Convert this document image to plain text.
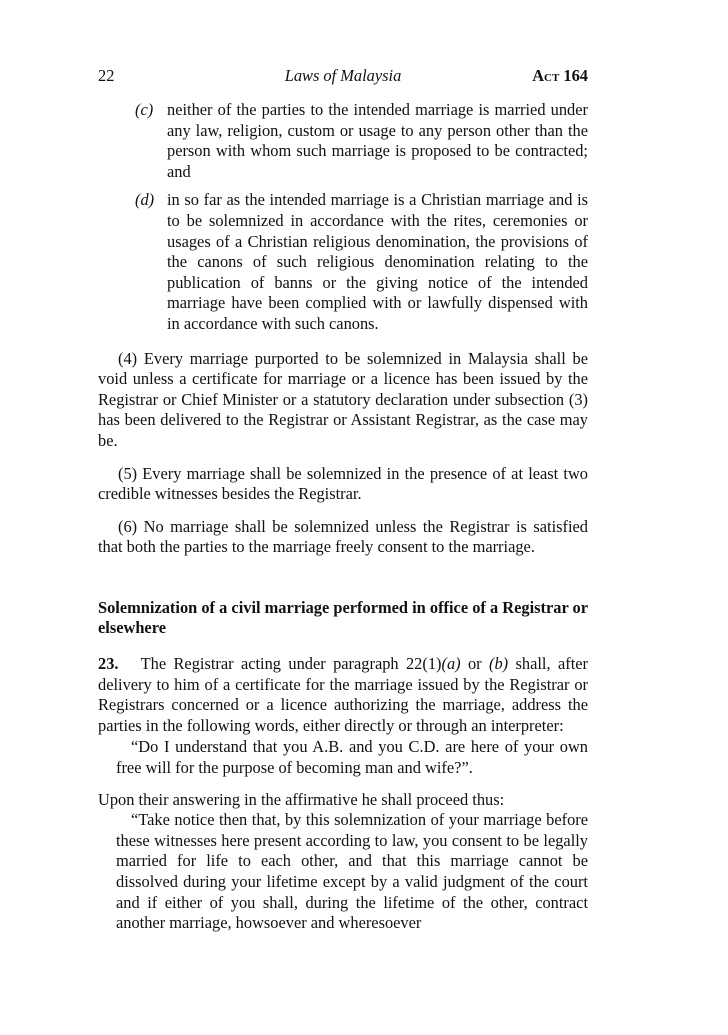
22	Laws of Malaysia	Act 164
(c) neither of the parties to the intended marriage is married under any law, religion, custom or usage to any person other than the person with whom such marriage is proposed to be contracted; and
(d) in so far as the intended marriage is a Christian marriage and is to be solemnized in accordance with the rites, ceremonies or usages of a Christian religious denomination, the provisions of the canons of such religious denomination relating to the publication of banns or the giving notice of the intended marriage have been complied with or lawfully dispensed with in accordance with such canons.
(4) Every marriage purported to be solemnized in Malaysia shall be void unless a certificate for marriage or a licence has been issued by the Registrar or Chief Minister or a statutory declaration under subsection (3) has been delivered to the Registrar or Assistant Registrar, as the case may be.
(5) Every marriage shall be solemnized in the presence of at least two credible witnesses besides the Registrar.
(6) No marriage shall be solemnized unless the Registrar is satisfied that both the parties to the marriage freely consent to the marriage.
Solemnization of a civil marriage performed in office of a Registrar or elsewhere
23. The Registrar acting under paragraph 22(1)(a) or (b) shall, after delivery to him of a certificate for the marriage issued by the Registrar or Registrars concerned or a licence authorizing the marriage, address the parties in the following words, either directly or through an interpreter:
“Do I understand that you A.B. and you C.D. are here of your own free will for the purpose of becoming man and wife?”.
Upon their answering in the affirmative he shall proceed thus:
“Take notice then that, by this solemnization of your marriage before these witnesses here present according to law, you consent to be legally married for life to each other, and that this marriage cannot be dissolved during your lifetime except by a valid judgment of the court and if either of you shall, during the lifetime of the other, contract another marriage, howsoever and wheresoever
